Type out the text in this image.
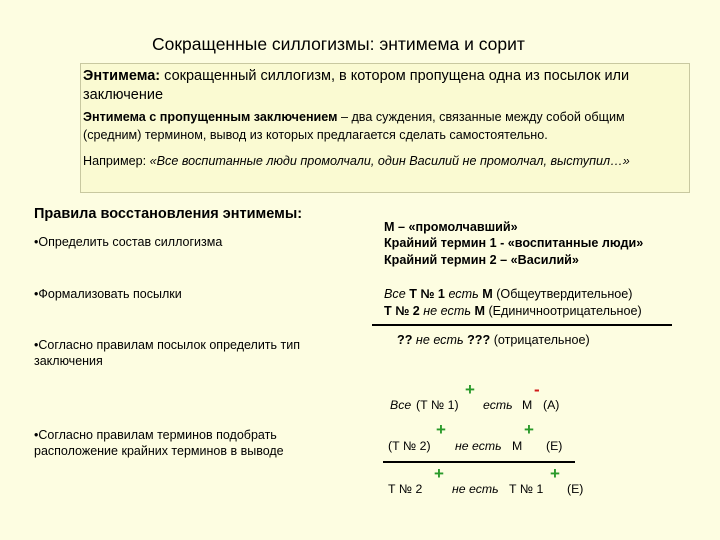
Сокращенные силлогизмы: энтимема и сорит
Энтимема: сокращенный силлогизм, в котором пропущена одна из посылок или заключение
Энтимема с пропущенным заключением – два суждения, связанные между собой общим (средним) термином, вывод из которых предлагается сделать самостоятельно.
Например: «Все воспитанные люди промолчали, один Василий не промолчал, выступил…»
Правила восстановления энтимемы:
•Определить состав силлогизма
•Формализовать посылки
•Согласно правилам посылок определить тип заключения
•Согласно правилам терминов подобрать расположение крайних терминов в выводе
М – «промолчавший»
Крайний термин 1 - «воспитанные люди»
Крайний термин 2 – «Василий»
Все Т № 1 есть М (Общеутвердительное)
Т № 2 не есть М (Единичноотрицательное)
?? не есть ??? (отрицательное)
Все (Т № 1)
+
есть М
-
(А)
(Т № 2)
+
не есть М
+
(Е)
Т № 2
+
не есть Т № 1
+
(Е)
